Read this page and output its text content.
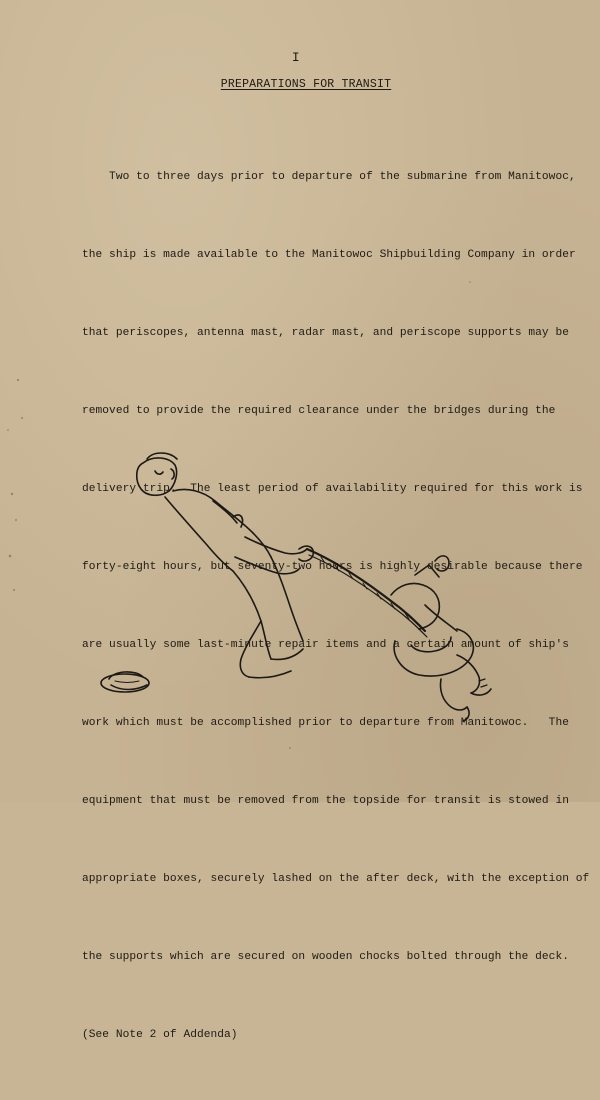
I
PREPARATIONS FOR TRANSIT

Two to three days prior to departure of the submarine from Manitowoc,

the ship is made available to the Manitowoc Shipbuilding Company in order

that periscopes, antenna mast, radar mast, and periscope supports may be

removed to provide the required clearance under the bridges during the

delivery trip.  The least period of availability required for this work is

forty-eight hours, but seventy-two hours is highly desirable because there

are usually some last-minute repair items and a certain amount of ship's

work which must be accomplished prior to departure from Manitowoc.   The

equipment that must be removed from the topside for transit is stowed in

appropriate boxes, securely lashed on the after deck, with the exception of

the supports which are secured on wooden chocks bolted through the deck.

(See Note 2 of Addenda)
